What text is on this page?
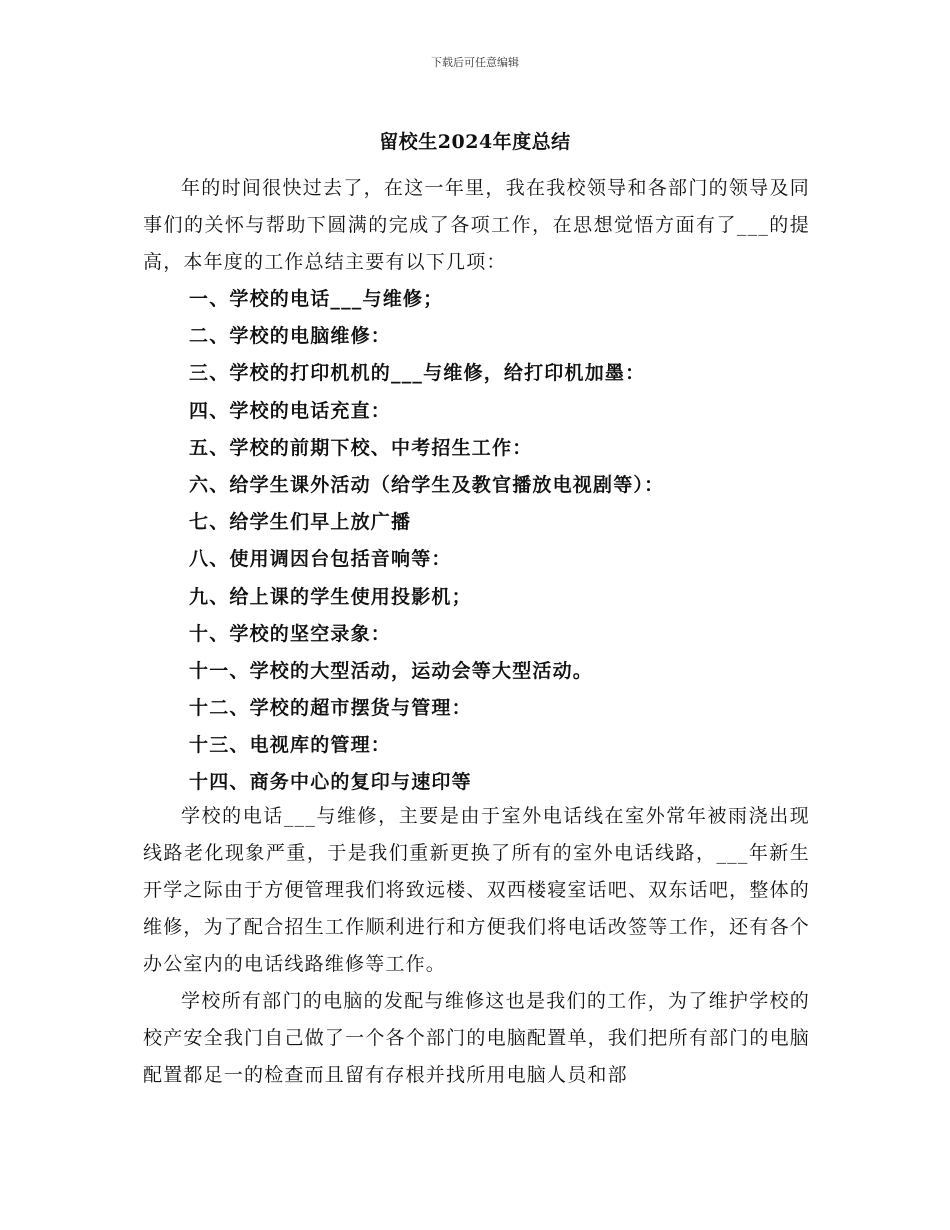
下载后可任意编辑
留校生2024年度总结
年的时间很快过去了，在这一年里，我在我校领导和各部门的领导及同事们的关怀与帮助下圆满的完成了各项工作，在思想觉悟方面有了___的提高，本年度的工作总结主要有以下几项：
一、学校的电话___与维修；
二、学校的电脑维修：
三、学校的打印机机的___与维修，给打印机加墨：
四、学校的电话充直：
五、学校的前期下校、中考招生工作：
六、给学生课外活动（给学生及教官播放电视剧等）：
七、给学生们早上放广播
八、使用调因台包括音响等：
九、给上课的学生使用投影机；
十、学校的坚空录象：
十一、学校的大型活动，运动会等大型活动。
十二、学校的超市摆货与管理：
十三、电视库的管理：
十四、商务中心的复印与速印等
学校的电话___与维修，主要是由于室外电话线在室外常年被雨浇出现线路老化现象严重，于是我们重新更换了所有的室外电话线路，___年新生开学之际由于方便管理我们将致远楼、双西楼寝室话吧、双东话吧，整体的维修，为了配合招生工作顺利进行和方便我们将电话改签等工作，还有各个办公室内的电话线路维修等工作。
学校所有部门的电脑的发配与维修这也是我们的工作，为了维护学校的校产安全我门自己做了一个各个部门的电脑配置单，我们把所有部门的电脑配置都足一的检查而且留有存根并找所用电脑人员和部
